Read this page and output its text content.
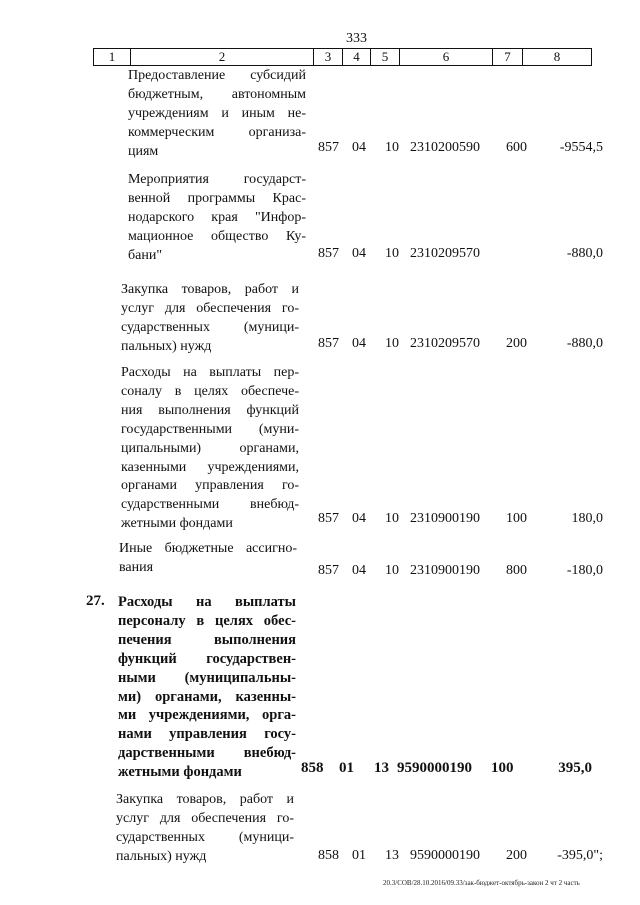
333
1	2	3	4	5	6	7	8
Предоставление субсидий
бюджетным, автономным
учреждениям и иным не-
коммерческим организа-
циям	857 04 10 2310200590 600 -9554,5
Мероприятия государст-
венной программы Крас-
нодарского края "Инфор-
мационное общество Ку-
бани"	857 04 10 2310209570	-880,0
Закупка товаров, работ и
услуг для обеспечения го-
сударственных (муници-
пальных) нужд	857 04 10 2310209570 200	-880,0
Расходы на выплаты пер-
соналу в целях обеспече-
ния выполнения функций
государственными (муни-
ципальными) органами,
казенными учреждениями,
органами управления го-
сударственными внебюд-
жетными фондами	857 04 10 2310900190 100	180,0
Иные бюджетные ассигно-
вания	857 04 10 2310900190 800	-180,0
27. Расходы на выплаты
персоналу в целях обес-
печения выполнения
функций государствен-
ными (муниципальны-
ми) органами, казенны-
ми учреждениями, орга-
нами управления госу-
дарственными внебюд-
жетными фондами	858 01 13 9590000190 100	395,0
Закупка товаров, работ и
услуг для обеспечения го-
сударственных (муници-
пальных) нужд	858 01 13 9590000190 200 -395,0";
20.3/СОВ/28.10.2016/09.33/зак-бюджет-октябрь-закон 2 чт 2 часть
